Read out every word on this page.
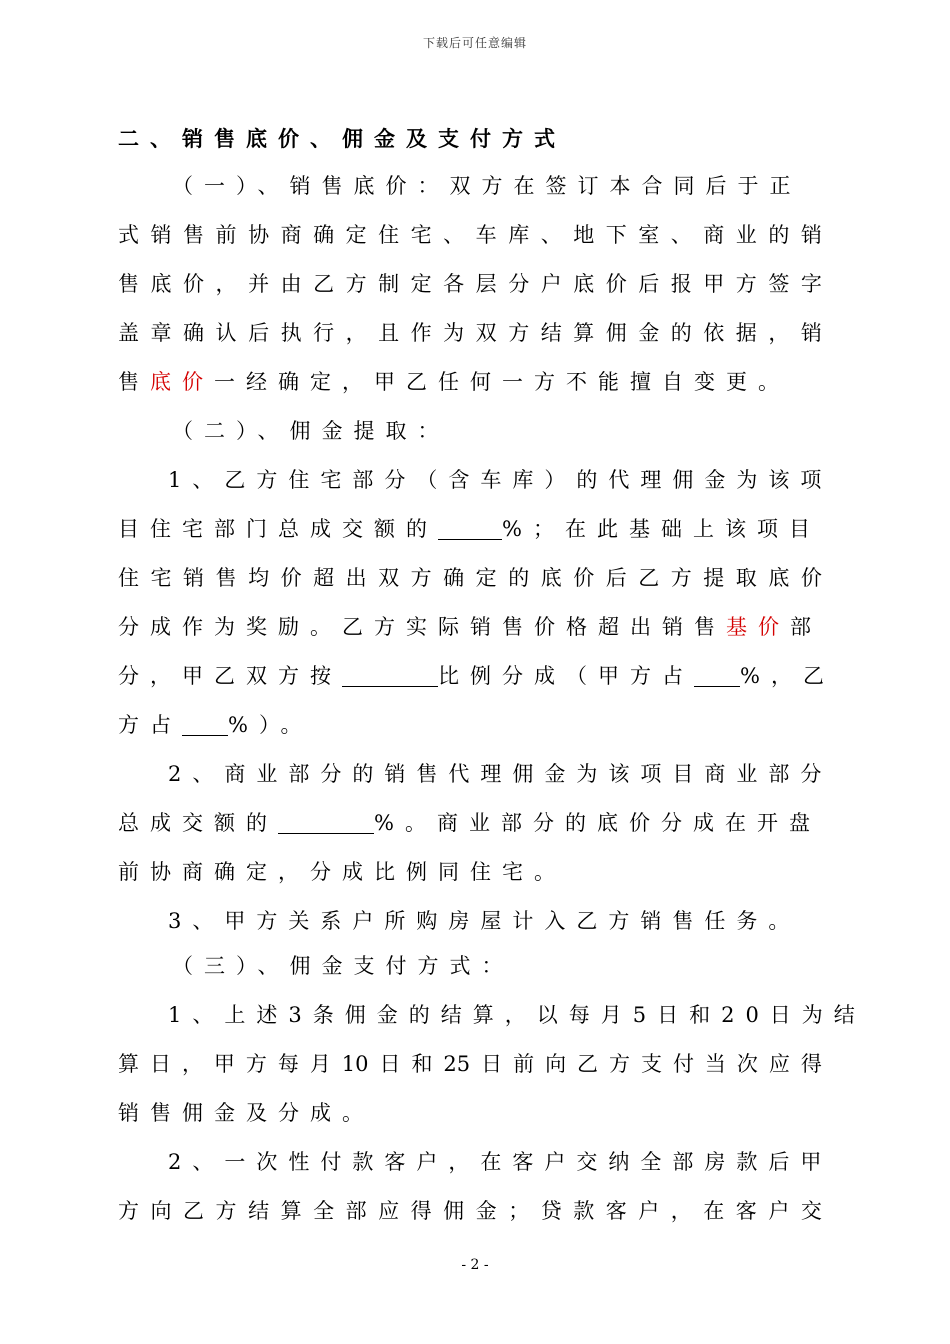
下载后可任意编辑
二、销售底价、佣金及支付方式
（一）、销售底价：双方在签订本合同后于正
式 销 售 前 协 商 确 定 住 宅 、 车 库 、 地 下 室 、 商 业 的 销
售 底 价 ， 并 由 乙 方 制 定 各 层 分 户 底 价 后 报 甲 方 签 字
盖 章 确 认 后 执 行 ， 且 作 为 双 方 结 算 佣 金 的 依 据 ， 销
售底价一经确定，甲乙任何一方不能擅自变更。
（二）、佣金提取：
1、乙方住宅部分（含车库）的代理佣金为该项
目住宅部门总成交额的	%；在此基础上该项目
住 宅 销 售 均 价 超 出 双 方 确 定 的 底 价 后 乙 方 提 取 底 价
分成作为奖励。乙方实际销售价格超出销售基价部
分，甲乙双方按	比例分成（甲方占 %，乙
方占 %）。
2、商业部分的销售代理佣金为该项目商业部分
总成交额的	%。商业部分的底价分成在开盘
前协商确定，分成比例同住宅。
3、甲方关系户所购房屋计入乙方销售任务。
（三）、佣金支付方式：
1、上述3条佣金的结算，以每月5日和20日为结
算 日 ， 甲 方 每 月 10 日 和 25 日 前 向 乙 方 支 付 当 次 应 得
销售佣金及分成。
2、一次性付款客户，在客户交纳全部房款后甲
方 向 乙 方 结 算 全 部 应 得 佣 金 ； 贷 款 客 户 ， 在 客 户 交
- 2 -
